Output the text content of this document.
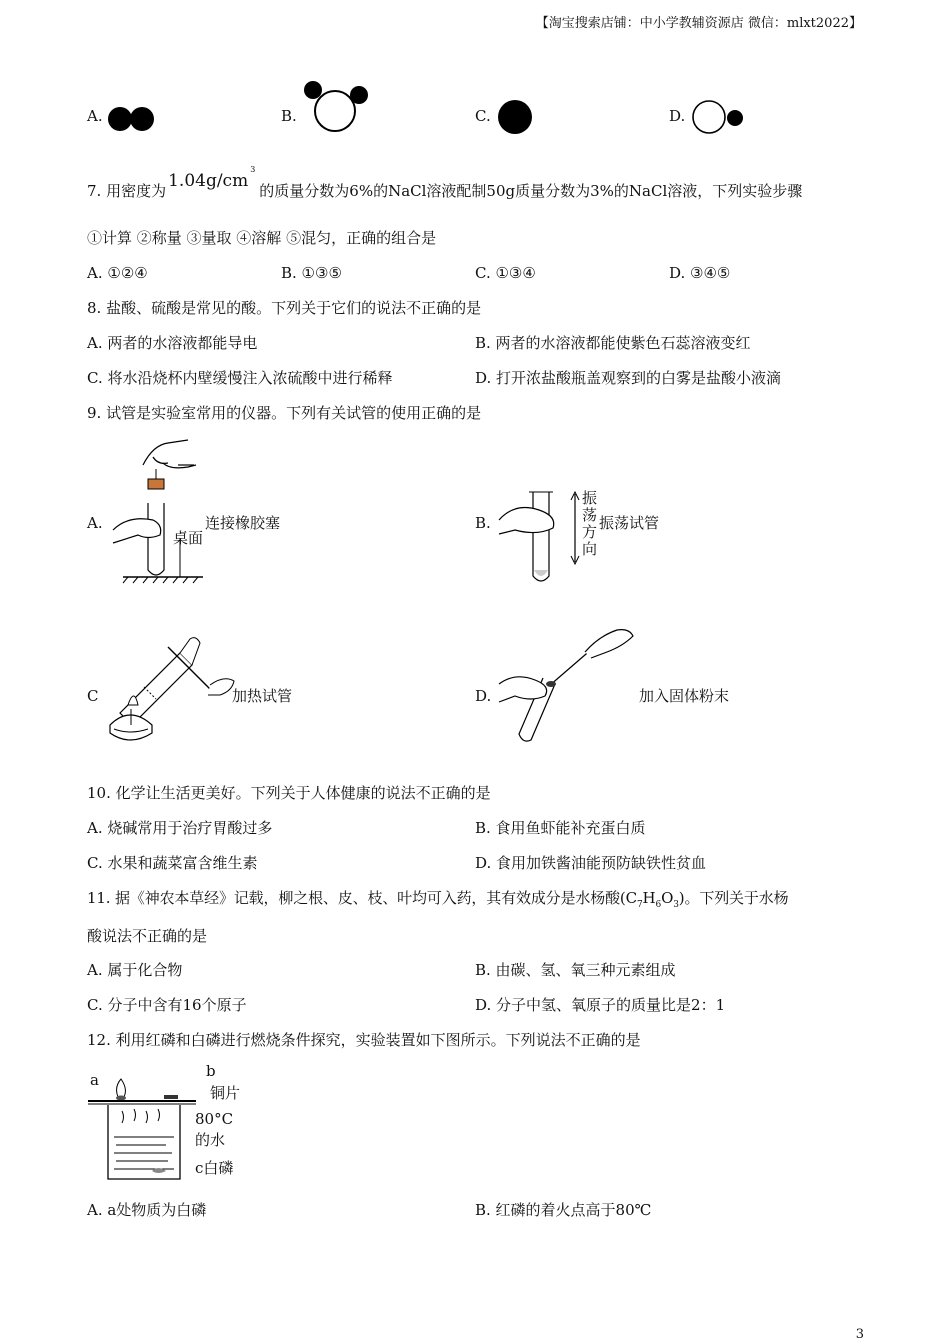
【淘宝搜索店铺：中小学教辅资源店 微信：mlxt2022】
A.	B.	C.	D.
7. 用密度为 $1.04g/cm^3$的质量分数为6%的NaCl溶液配制50g质量分数为3%的NaCl溶液，下列实验步骤
①计算 ②称量 ③量取 ④溶解 ⑤混匀，正确的组合是
A. ①②④	B. ①③⑤	C. ①③④	D. ③④⑤
8. 盐酸、硫酸是常见的酸。下列关于它们的说法不正确的是
A. 两者的水溶液都能导电	B. 两者的水溶液都能使紫色石蕊溶液变红
C. 将水沿烧杯内壁缓慢注入浓硫酸中进行稀释	D. 打开浓盐酸瓶盖观察到的白雾是盐酸小液滴
9. 试管是实验室常用的仪器。下列有关试管的使用正确的是
A.	连接橡胶塞
桌面
B.
振
荡
方
向
振荡试管
C	加热试管	D.	加入固体粉末
10. 化学让生活更美好。下列关于人体健康的说法不正确的是
A. 烧碱常用于治疗胃酸过多	B. 食用鱼虾能补充蛋白质
C. 水果和蔬菜富含维生素	D. 食用加铁酱油能预防缺铁性贫血
11. 据《神农本草经》记载，柳之根、皮、枝、叶均可入药，其有效成分是水杨酸$(C_7H_6O_3)$。下列关于水杨
酸说法不正确的是
A. 属于化合物	B. 由碳、氢、氧三种元素组成
C. 分子中含有16个原子	D. 分子中氢、氧原子的质量比是2：1
12. 利用红磷和白磷进行燃烧条件探究，实验装置如下图所示。下列说法不正确的是
a	b
铜片
80°C
的水
c白磷
A. a处物质为白磷	B. 红磷的着火点高于80℃
3
